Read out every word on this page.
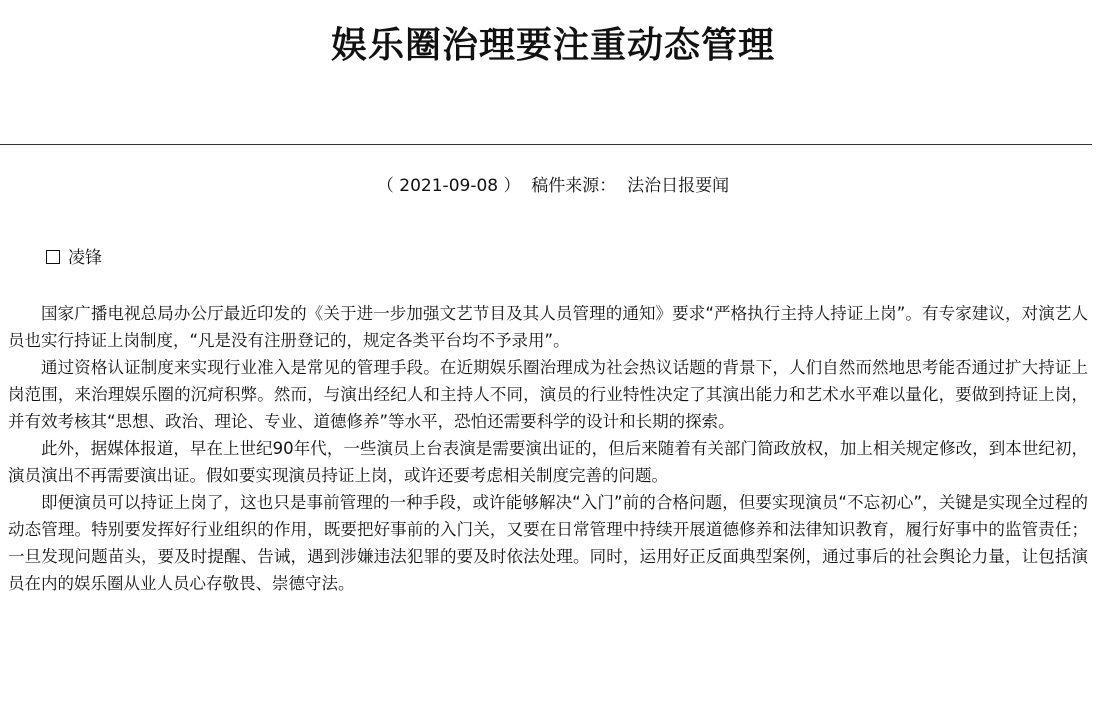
娱乐圈治理要注重动态管理
（ 2021-09-08 ）  稿件来源：  法治日报要闻
凌锋

国家广播电视总局办公厅最近印发的《关于进一步加强文艺节目及其人员管理的通知》要求“严格执行主持人持证上岗”。有专家建议，对演艺人员也实行持证上岗制度，“凡是没有注册登记的，规定各类平台均不予录用”。

通过资格认证制度来实现行业准入是常见的管理手段。在近期娱乐圈治理成为社会热议话题的背景下，人们自然而然地思考能否通过扩大持证上岗范围，来治理娱乐圈的沉疴积弊。然而，与演出经纪人和主持人不同，演员的行业特性决定了其演出能力和艺术水平难以量化，要做到持证上岗，并有效考核其“思想、政治、理论、专业、道德修养”等水平，恐怕还需要科学的设计和长期的探索。

此外，据媒体报道，早在上世纪90年代，一些演员上台表演是需要演出证的，但后来随着有关部门简政放权，加上相关规定修改，到本世纪初，演员演出不再需要演出证。假如要实现演员持证上岗，或许还要考虑相关制度完善的问题。

即便演员可以持证上岗了，这也只是事前管理的一种手段，或许能够解决“入门”前的合格问题，但要实现演员“不忘初心”，关键是实现全过程的动态管理。特别要发挥好行业组织的作用，既要把好事前的入门关，又要在日常管理中持续开展道德修养和法律知识教育，履行好事中的监管责任；一旦发现问题苗头，要及时提醒、告诫，遇到涉嫌违法犯罪的要及时依法处理。同时，运用好正反面典型案例，通过事后的社会舆论力量，让包括演员在内的娱乐圈从业人员心存敬畏、崇德守法。
